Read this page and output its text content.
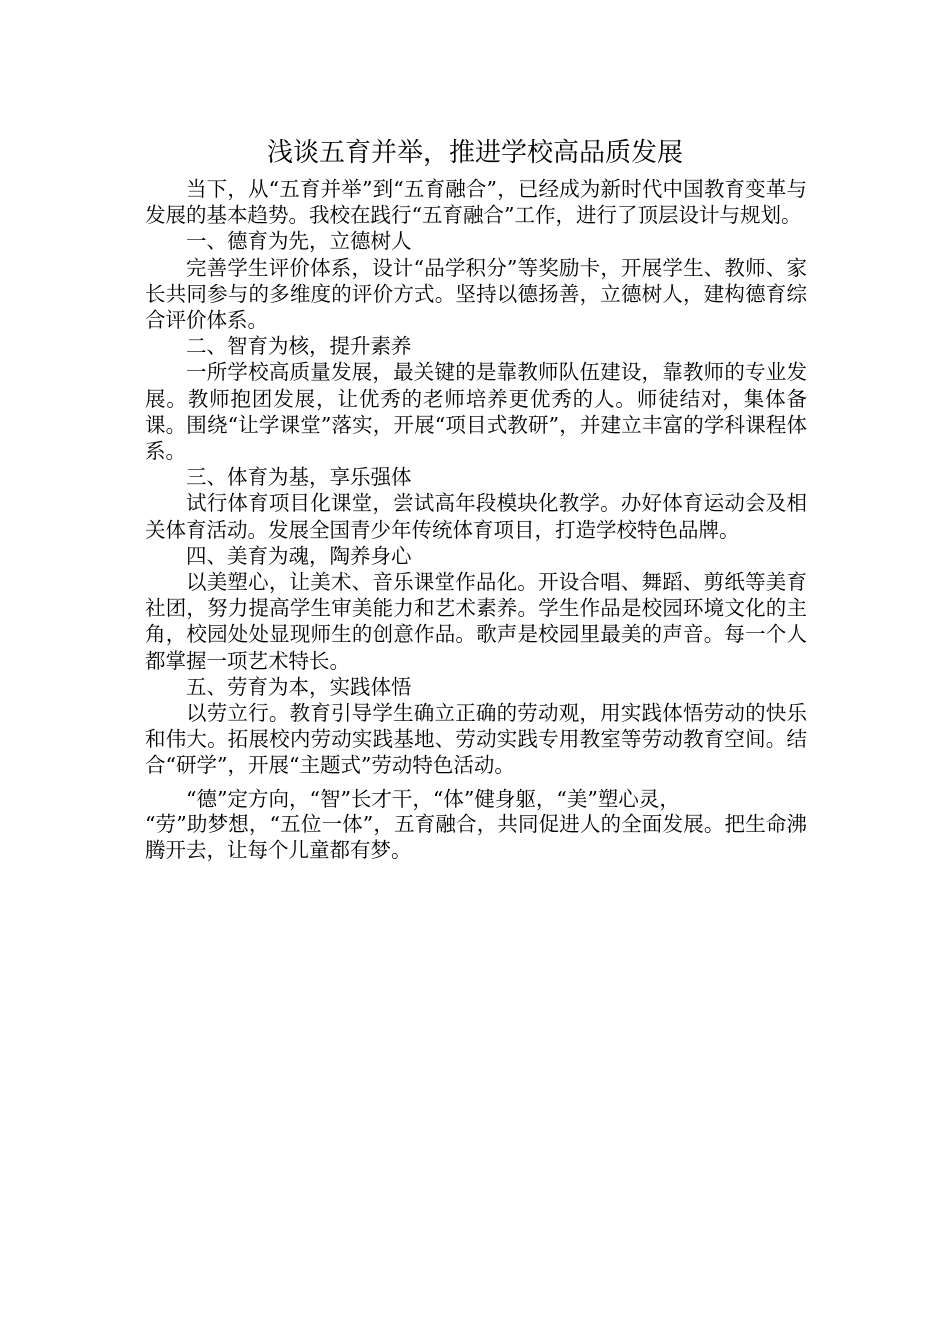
浅谈五育并举，推进学校高品质发展

当下，从“五育并举”到“五育融合”，已经成为新时代中国教育变革与发展的基本趋势。我校在践行“五育融合”工作，进行了顶层设计与规划。

一、德育为先，立德树人

完善学生评价体系，设计“品学积分”等奖励卡，开展学生、教师、家长共同参与的多维度的评价方式。坚持以德扬善，立德树人，建构德育综合评价体系。

二、智育为核，提升素养

一所学校高质量发展，最关键的是靠教师队伍建设，靠教师的专业发展。教师抱团发展，让优秀的老师培养更优秀的人。师徒结对，集体备课。围绕“让学课堂”落实，开展“项目式教研”，并建立丰富的学科课程体系。

三、体育为基，享乐强体

试行体育项目化课堂，尝试高年段模块化教学。办好体育运动会及相关体育活动。发展全国青少年传统体育项目，打造学校特色品牌。

四、美育为魂，陶养身心

以美塑心，让美术、音乐课堂作品化。开设合唱、舞蹈、剪纸等美育社团，努力提高学生审美能力和艺术素养。学生作品是校园环境文化的主角，校园处处显现师生的创意作品。歌声是校园里最美的声音。每一个人都掌握一项艺术特长。

五、劳育为本，实践体悟

以劳立行。教育引导学生确立正确的劳动观，用实践体悟劳动的快乐和伟大。拓展校内劳动实践基地、劳动实践专用教室等劳动教育空间。结合“研学”，开展“主题式”劳动特色活动。

“德”定方向，“智”长才干，“体”健身躯，“美”塑心灵，

“劳”助梦想，“五位一体”，五育融合，共同促进人的全面发展。把生命沸腾开去，让每个儿童都有梦。
